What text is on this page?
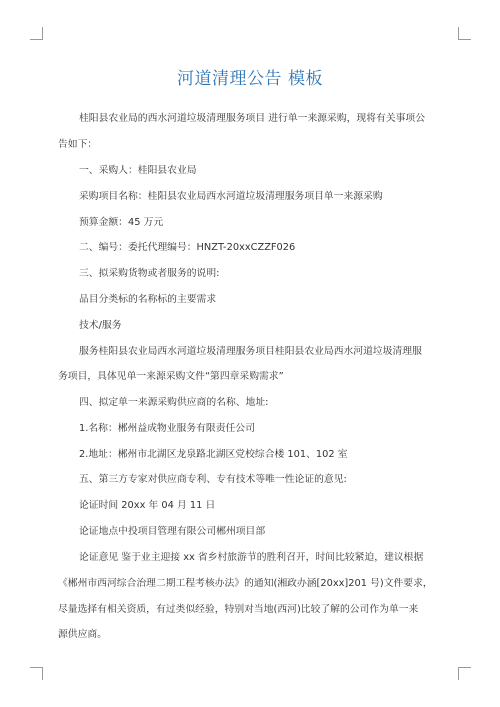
河道清理公告 模板
桂阳县农业局的西水河道垃圾清理服务项目 进行单一来源采购，现将有关事项公
告如下：
一、采购人：桂阳县农业局
采购项目名称：桂阳县农业局西水河道垃圾清理服务项目单一来源采购
预算金额：45 万元
二、编号：委托代理编号：HNZT-20xxCZZF026
三、拟采购货物或者服务的说明:
品目分类标的名称标的主要需求
技术/服务
服务桂阳县农业局西水河道垃圾清理服务项目桂阳县农业局西水河道垃圾清理服
务项目，具体见单一来源采购文件“第四章采购需求”
四、拟定单一来源采购供应商的名称、地址:
1.名称：郴州益成物业服务有限责任公司
2.地址：郴州市北湖区龙泉路北湖区党校综合楼 101、102 室
五、第三方专家对供应商专利、专有技术等唯一性论证的意见:
论证时间 20xx 年 04 月 11 日
论证地点中投项目管理有限公司郴州项目部
论证意见 鉴于业主迎接 xx 省乡村旅游节的胜利召开，时间比较紧迫，建议根据
《郴州市西河综合治理二期工程考核办法》的通知(湘政办涵[20xx]201 号)文件要求，
尽量选择有相关资质，有过类似经验，特别对当地(西河)比较了解的公司作为单一来
源供应商。
